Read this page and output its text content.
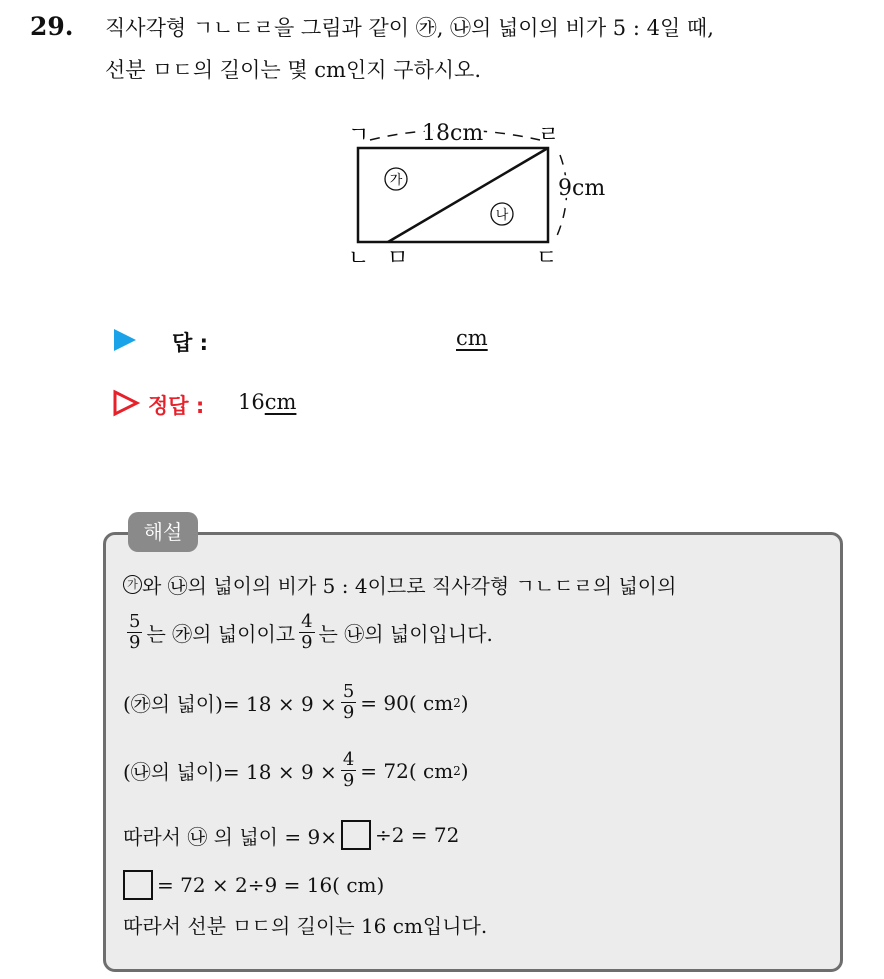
29. 직사각형 ㄱㄴㄷㄹ을 그림과 같이 ㉮, ㉯의 넓이의 비가 5 : 4일 때,
선분 ㅁㄷ의 길이는 몇 cm인지 구하시오.
ㄱ	ㄹ
ㄴ ㅁ	ㄷ
18cm
9cm
가
나
답 :	cm
정답 : 16cm
해설
가 와 ㉯의 넓이의 비가 5 : 4이므로 직사각형 ㄱㄴㄷㄹ의 넓이의
$\frac{5}{9}$ 는 ㉮의 넓이이고 $\frac{4}{9}$ 는 ㉯의 넓이입니다.
(㉮의 넓이)= $18 \times 9 \times \frac{5}{9} = 90$( cm 2 )
(㉯의 넓이)= $18 \times 9 \times \frac{4}{9} = 72$( cm 2 )
따라서 ㉯ 의 넓이 = 9× ÷2 = 72
= 72 × 2÷9 = 16( cm)
따라서 선분 ㅁㄷ의 길이는 16 cm입니다.
